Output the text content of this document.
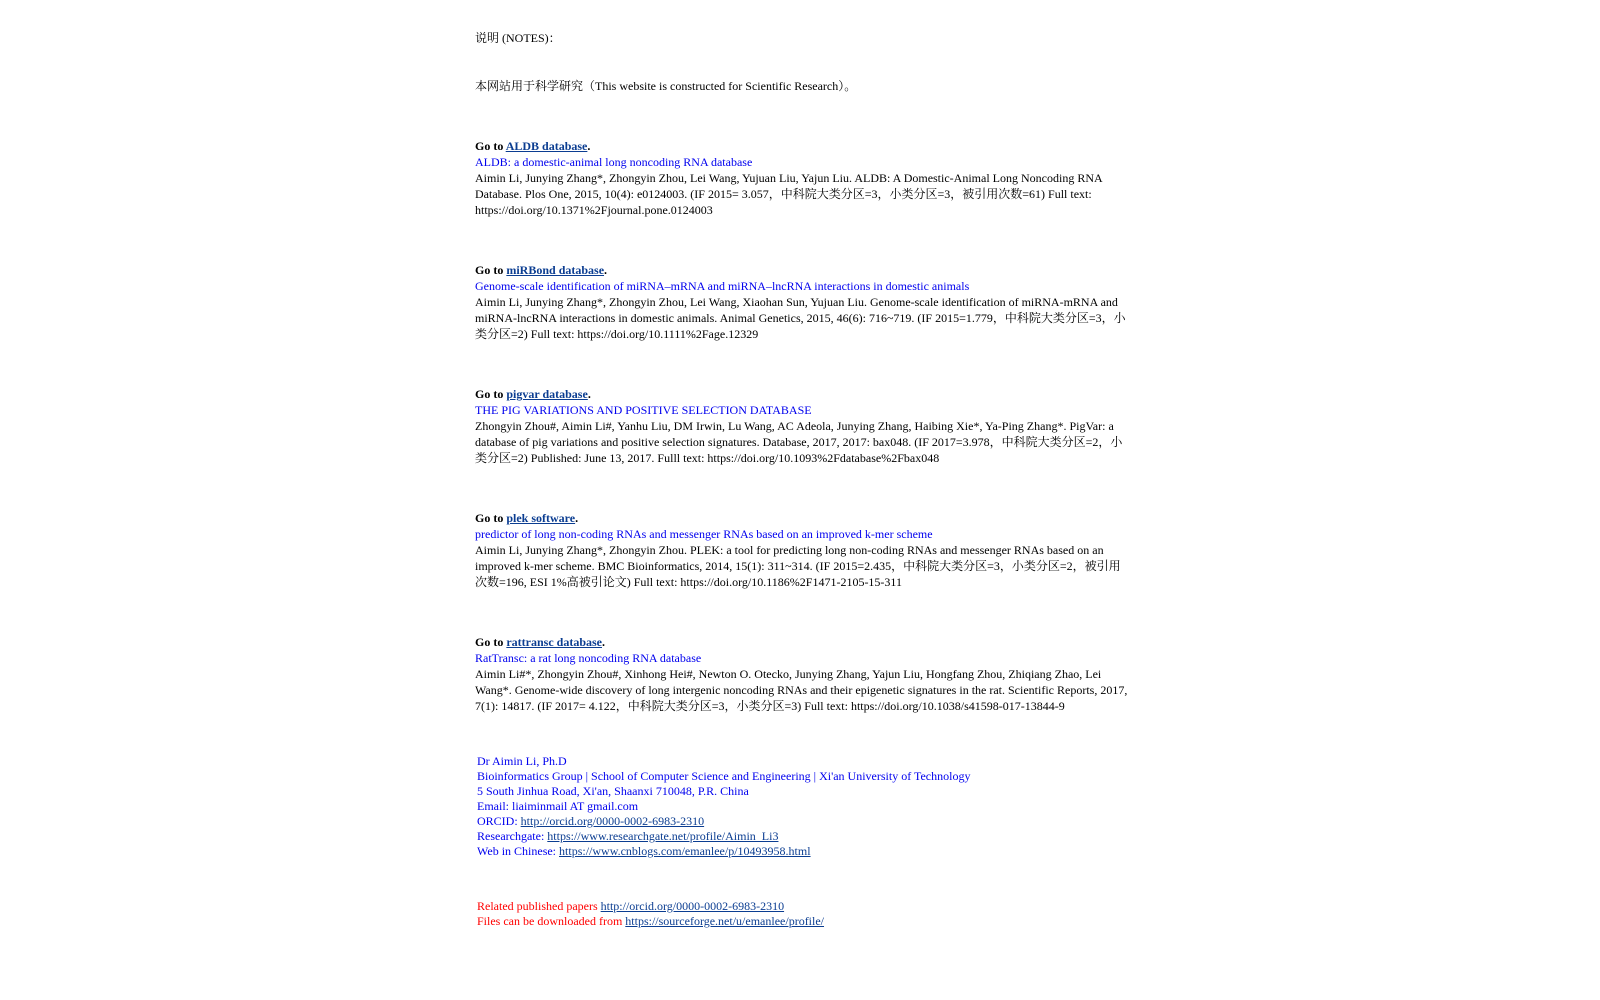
说明 (NOTES)：

本网站用于科学研究（This website is constructed for Scientific Research）。

Go to ALDB database.
ALDB: a domestic-animal long noncoding RNA database
Aimin Li, Junying Zhang*, Zhongyin Zhou, Lei Wang, Yujuan Liu, Yajun Liu. ALDB: A Domestic-Animal Long Noncoding RNA Database. Plos One, 2015, 10(4): e0124003. (IF 2015= 3.057，中科院大类分区=3，小类分区=3，被引用次数=61) Full text: https://doi.org/10.1371%2Fjournal.pone.0124003
Go to miRBond database.
Genome-scale identification of miRNA–mRNA and miRNA–lncRNA interactions in domestic animals
Aimin Li, Junying Zhang*, Zhongyin Zhou, Lei Wang, Xiaohan Sun, Yujuan Liu. Genome-scale identification of miRNA-mRNA and miRNA-lncRNA interactions in domestic animals. Animal Genetics, 2015, 46(6): 716~719. (IF 2015=1.779，中科院大类分区=3，小类分区=2) Full text: https://doi.org/10.1111%2Fage.12329
Go to pigvar database.
THE PIG VARIATIONS AND POSITIVE SELECTION DATABASE
Zhongyin Zhou#, Aimin Li#, Yanhu Liu, DM Irwin, Lu Wang, AC Adeola, Junying Zhang, Haibing Xie*, Ya-Ping Zhang*. PigVar: a database of pig variations and positive selection signatures. Database, 2017, 2017: bax048. (IF 2017=3.978，中科院大类分区=2，小类分区=2) Published: June 13, 2017. Fulll text: https://doi.org/10.1093%2Fdatabase%2Fbax048
Go to plek software.
predictor of long non-coding RNAs and messenger RNAs based on an improved k-mer scheme
Aimin Li, Junying Zhang*, Zhongyin Zhou. PLEK: a tool for predicting long non-coding RNAs and messenger RNAs based on an improved k-mer scheme. BMC Bioinformatics, 2014, 15(1): 311~314. (IF 2015=2.435，中科院大类分区=3，小类分区=2，被引用次数=196, ESI 1%高被引论文) Full text: https://doi.org/10.1186%2F1471-2105-15-311
Go to rattransc database.
RatTransc: a rat long noncoding RNA database
Aimin Li#*, Zhongyin Zhou#, Xinhong Hei#, Newton O. Otecko, Junying Zhang, Yajun Liu, Hongfang Zhou, Zhiqiang Zhao, Lei Wang*. Genome-wide discovery of long intergenic noncoding RNAs and their epigenetic signatures in the rat. Scientific Reports, 2017, 7(1): 14817. (IF 2017= 4.122，中科院大类分区=3，小类分区=3) Full text: https://doi.org/10.1038/s41598-017-13844-9
Dr Aimin Li, Ph.D
Bioinformatics Group | School of Computer Science and Engineering | Xi'an University of Technology
5 South Jinhua Road, Xi'an, Shaanxi 710048, P.R. China
Email: liaiminmail AT gmail.com
ORCID: http://orcid.org/0000-0002-6983-2310
Researchgate: https://www.researchgate.net/profile/Aimin_Li3
Web in Chinese: https://www.cnblogs.com/emanlee/p/10493958.html
Related published papers http://orcid.org/0000-0002-6983-2310
Files can be downloaded from https://sourceforge.net/u/emanlee/profile/
